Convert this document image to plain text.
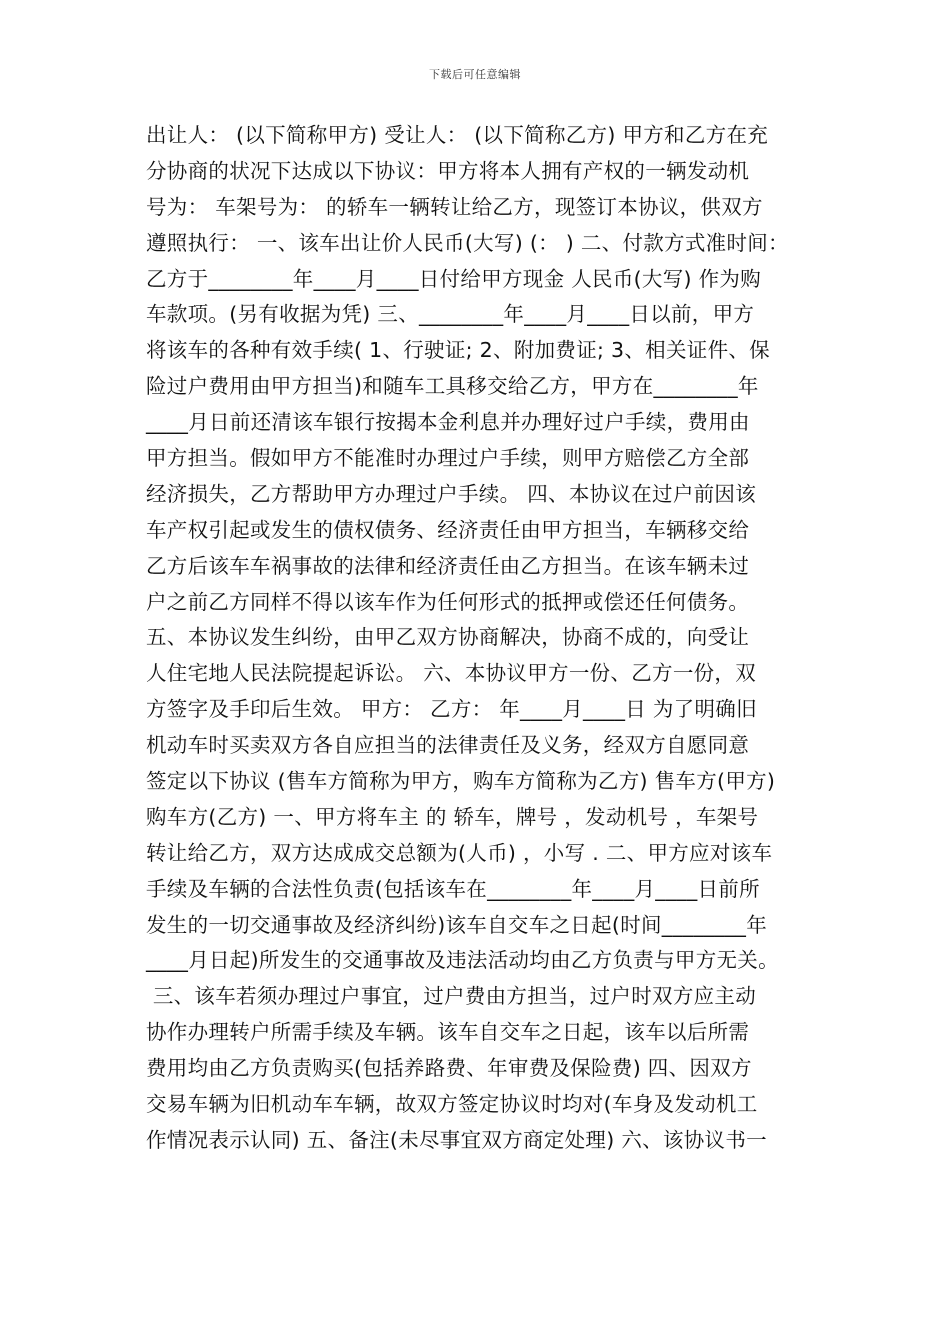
下载后可任意编辑
出让人： (以下简称甲方) 受让人： (以下简称乙方) 甲方和乙方在充
分协商的状况下达成以下协议：甲方将本人拥有产权的一辆发动机
号为： 车架号为： 的轿车一辆转让给乙方，现签订本协议，供双方
遵照执行： 一、该车出让价人民币(大写) (： ) 二、付款方式准时间：
乙方于________年____月____日付给甲方现金 人民币(大写) 作为购
车款项。(另有收据为凭) 三、________年____月____日以前，甲方
将该车的各种有效手续( 1、行驶证; 2、附加费证; 3、相关证件、保
险过户费用由甲方担当)和随车工具移交给乙方，甲方在________年
____月日前还清该车银行按揭本金利息并办理好过户手续，费用由
甲方担当。假如甲方不能准时办理过户手续，则甲方赔偿乙方全部
经济损失，乙方帮助甲方办理过户手续。 四、本协议在过户前因该
车产权引起或发生的债权债务、经济责任由甲方担当，车辆移交给
乙方后该车车祸事故的法律和经济责任由乙方担当。在该车辆未过
户之前乙方同样不得以该车作为任何形式的抵押或偿还任何债务。
五、本协议发生纠纷，由甲乙双方协商解决，协商不成的，向受让
人住宅地人民法院提起诉讼。 六、本协议甲方一份、乙方一份，双
方签字及手印后生效。 甲方： 乙方： 年____月____日 为了明确旧
机动车时买卖双方各自应担当的法律责任及义务，经双方自愿同意
签定以下协议 (售车方简称为甲方，购车方简称为乙方) 售车方(甲方)
购车方(乙方) 一、甲方将车主 的 轿车，牌号 ，发动机号 ，车架号
转让给乙方，双方达成成交总额为(人币) ，小写 . 二、甲方应对该车
手续及车辆的合法性负责(包括该车在________年____月____日前所
发生的一切交通事故及经济纠纷)该车自交车之日起(时间________年
____月日起)所发生的交通事故及违法活动均由乙方负责与甲方无关。
三、该车若须办理过户事宜，过户费由方担当，过户时双方应主动
协作办理转户所需手续及车辆。该车自交车之日起，该车以后所需
费用均由乙方负责购买(包括养路费、年审费及保险费) 四、因双方
交易车辆为旧机动车车辆，故双方签定协议时均对(车身及发动机工
作情况表示认同) 五、备注(未尽事宜双方商定处理) 六、该协议书一
